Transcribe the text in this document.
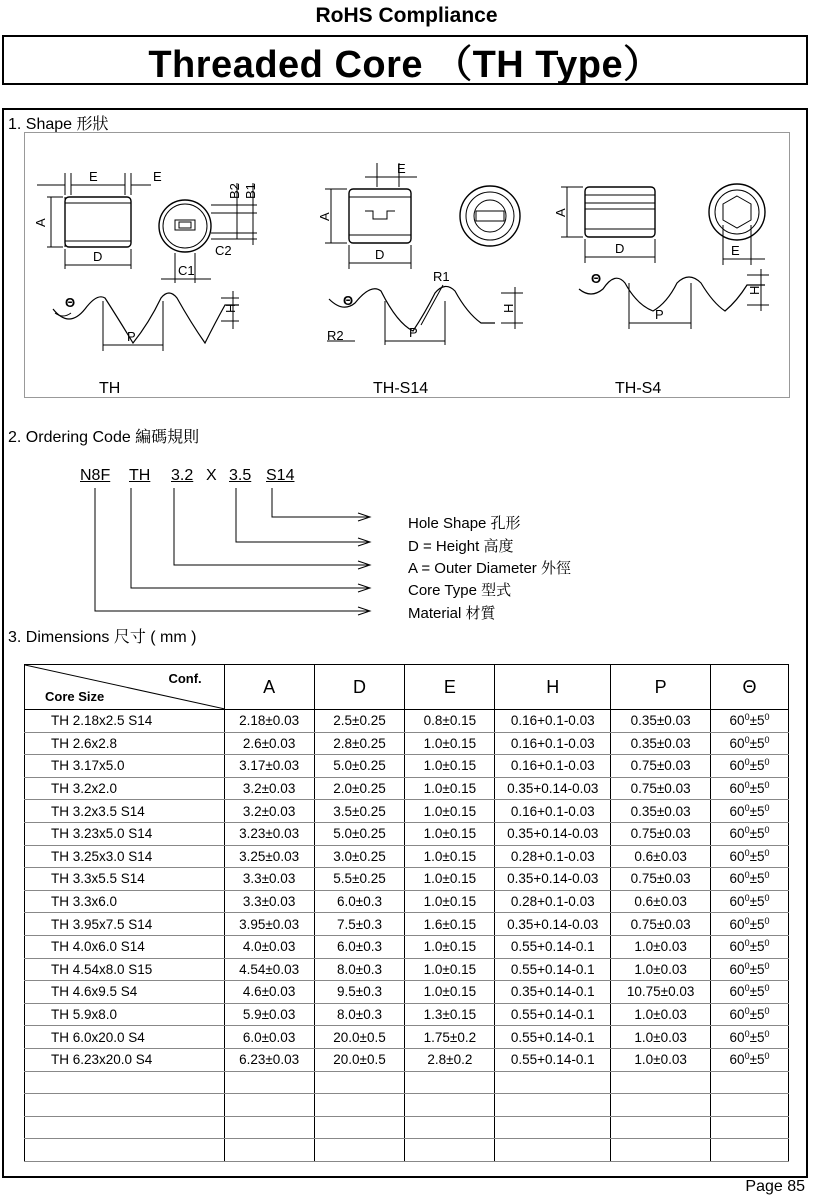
RoHS Compliance
Threaded Core （TH Type）
1. Shape 形狀
E	E
A
D
B2 B1
C2
C1
P
H
Θ
TH
E
A
D
R1
Θ
R2	P
H
TH-S14
A
D	E
Θ
H
P
TH-S4
2. Ordering Code 編碼規則
N8F TH 3.2 X 3.5 S14
Hole Shape 孔形
D = Height 高度
A = Outer Diameter 外徑
Core Type 型式
Material 材質
3. Dimensions 尺寸 ( mm )
Conf.
Core Size	A	D	E	H	P	Θ
TH 2.18x2.5 S14	2.18±0.03	2.5±0.25	0.8±0.15	0.16+0.1-0.03	0.35±0.03	$60^0\pm 5^0$
TH 2.6x2.8	2.6±0.03	2.8±0.25	1.0±0.15	0.16+0.1-0.03	0.35±0.03	$60^0\pm 5^0$
TH 3.17x5.0	3.17±0.03	5.0±0.25	1.0±0.15	0.16+0.1-0.03	0.75±0.03	$60^0\pm 5^0$
TH 3.2x2.0	3.2±0.03	2.0±0.25	1.0±0.15	0.35+0.14-0.03	0.75±0.03	$60^0\pm 5^0$
TH 3.2x3.5 S14	3.2±0.03	3.5±0.25	1.0±0.15	0.16+0.1-0.03	0.35±0.03	$60^0\pm 5^0$
TH 3.23x5.0 S14	3.23±0.03	5.0±0.25	1.0±0.15	0.35+0.14-0.03	0.75±0.03	$60^0\pm 5^0$
TH 3.25x3.0 S14	3.25±0.03	3.0±0.25	1.0±0.15	0.28+0.1-0.03	0.6±0.03	$60^0\pm 5^0$
TH 3.3x5.5 S14	3.3±0.03	5.5±0.25	1.0±0.15	0.35+0.14-0.03	0.75±0.03	$60^0\pm 5^0$
TH 3.3x6.0	3.3±0.03	6.0±0.3	1.0±0.15	0.28+0.1-0.03	0.6±0.03	$60^0\pm 5^0$
TH 3.95x7.5 S14	3.95±0.03	7.5±0.3	1.6±0.15	0.35+0.14-0.03	0.75±0.03	$60^0\pm 5^0$
TH 4.0x6.0 S14	4.0±0.03	6.0±0.3	1.0±0.15	0.55+0.14-0.1	1.0±0.03	$60^0\pm 5^0$
TH 4.54x8.0 S15	4.54±0.03	8.0±0.3	1.0±0.15	0.55+0.14-0.1	1.0±0.03	$60^0\pm 5^0$
TH 4.6x9.5 S4	4.6±0.03	9.5±0.3	1.0±0.15	0.35+0.14-0.1	10.75±0.03	$60^0\pm 5^0$
TH 5.9x8.0	5.9±0.03	8.0±0.3	1.3±0.15	0.55+0.14-0.1	1.0±0.03	$60^0\pm 5^0$
TH 6.0x20.0 S4	6.0±0.03	20.0±0.5	1.75±0.2	0.55+0.14-0.1	1.0±0.03	$60^0\pm 5^0$
TH 6.23x20.0 S4	6.23±0.03	20.0±0.5	2.8±0.2	0.55+0.14-0.1	1.0±0.03	$60^0\pm 5^0$

Page 85
